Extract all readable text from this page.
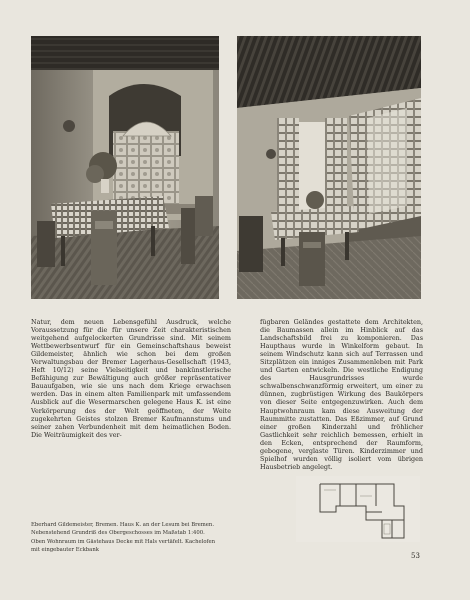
Natur, dem neuen Lebensgefühl Ausdruck, welche Voraussetzung für die für unsere Zeit charakteristischen weitgehend aufgelockerten Grundrisse sind. Mit seinem Wettbewerbsentwurf für ein Gemeinschaftshaus beweist Gildemeister, ähnlich wie schon bei dem großen Verwaltungsbau der Bremer Lagerhaus-Gesellschaft (1943, Heft 10/12) seine Vielseitigkeit und bankünstlerische Befähigung zur Bewältigung auch größer repräsentativer Bauaufgaben, wie sie uns nach dem Kriege erwachsen werden. Das in einem alten Familienpark mit umfassendem Ausblick auf die Wesermarschen gelegene Haus K. ist eine Verkörperung des der Welt geöffneten, der Weite zugekehrten Geistes stolzen Bremer Kaufmannstums und seiner zahen Verbundenheit mit dem heimatlichen Boden. Die Weiträumigkeit des ver-

fügbaren Geländes gestattete dem Architekten, die Baumassen allein im Hinblick auf das Landschaftsbild frei zu komponieren. Das Haupthaus wurde in Winkelform gebaut. In seinem Windschutz kann sich auf Terrassen und Sitzplätzen ein inniges Zusammenleben mit Park und Garten entwickeln. Die westliche Endigung des Hausgrundrisses wurde schwalbenschwanzförmig erweitert, um einer zu dünnen, zugbrüstigen Wirkung des Baukörpers von dieser Seite entgegenzuwirken. Auch dem Hauptwohnraum kam diese Ausweitung der Raummitte zustatten. Das Eßzimmer, auf Grund einer großen Kinderzahl und fröhlicher Gastlichkeit sehr reichlich bemessen, erhielt in den Ecken, entsprechend der Raumform, gebogene, verglaste Türen. Kinderzimmer und Spielhof wurden völlig isoliert vom übrigen Hausbetrieb angelegt.

Eberhard Gildemeister, Bremen. Haus K. an der Lesum bei Bremen. Nebenstehend Grundriß des Obergeschosses im Maßstab 1:400. Oben Wohnraum im Gästehaus Decke mit Hals vertäfelt. Kachelofen mit eingebauter Eckbank

53
